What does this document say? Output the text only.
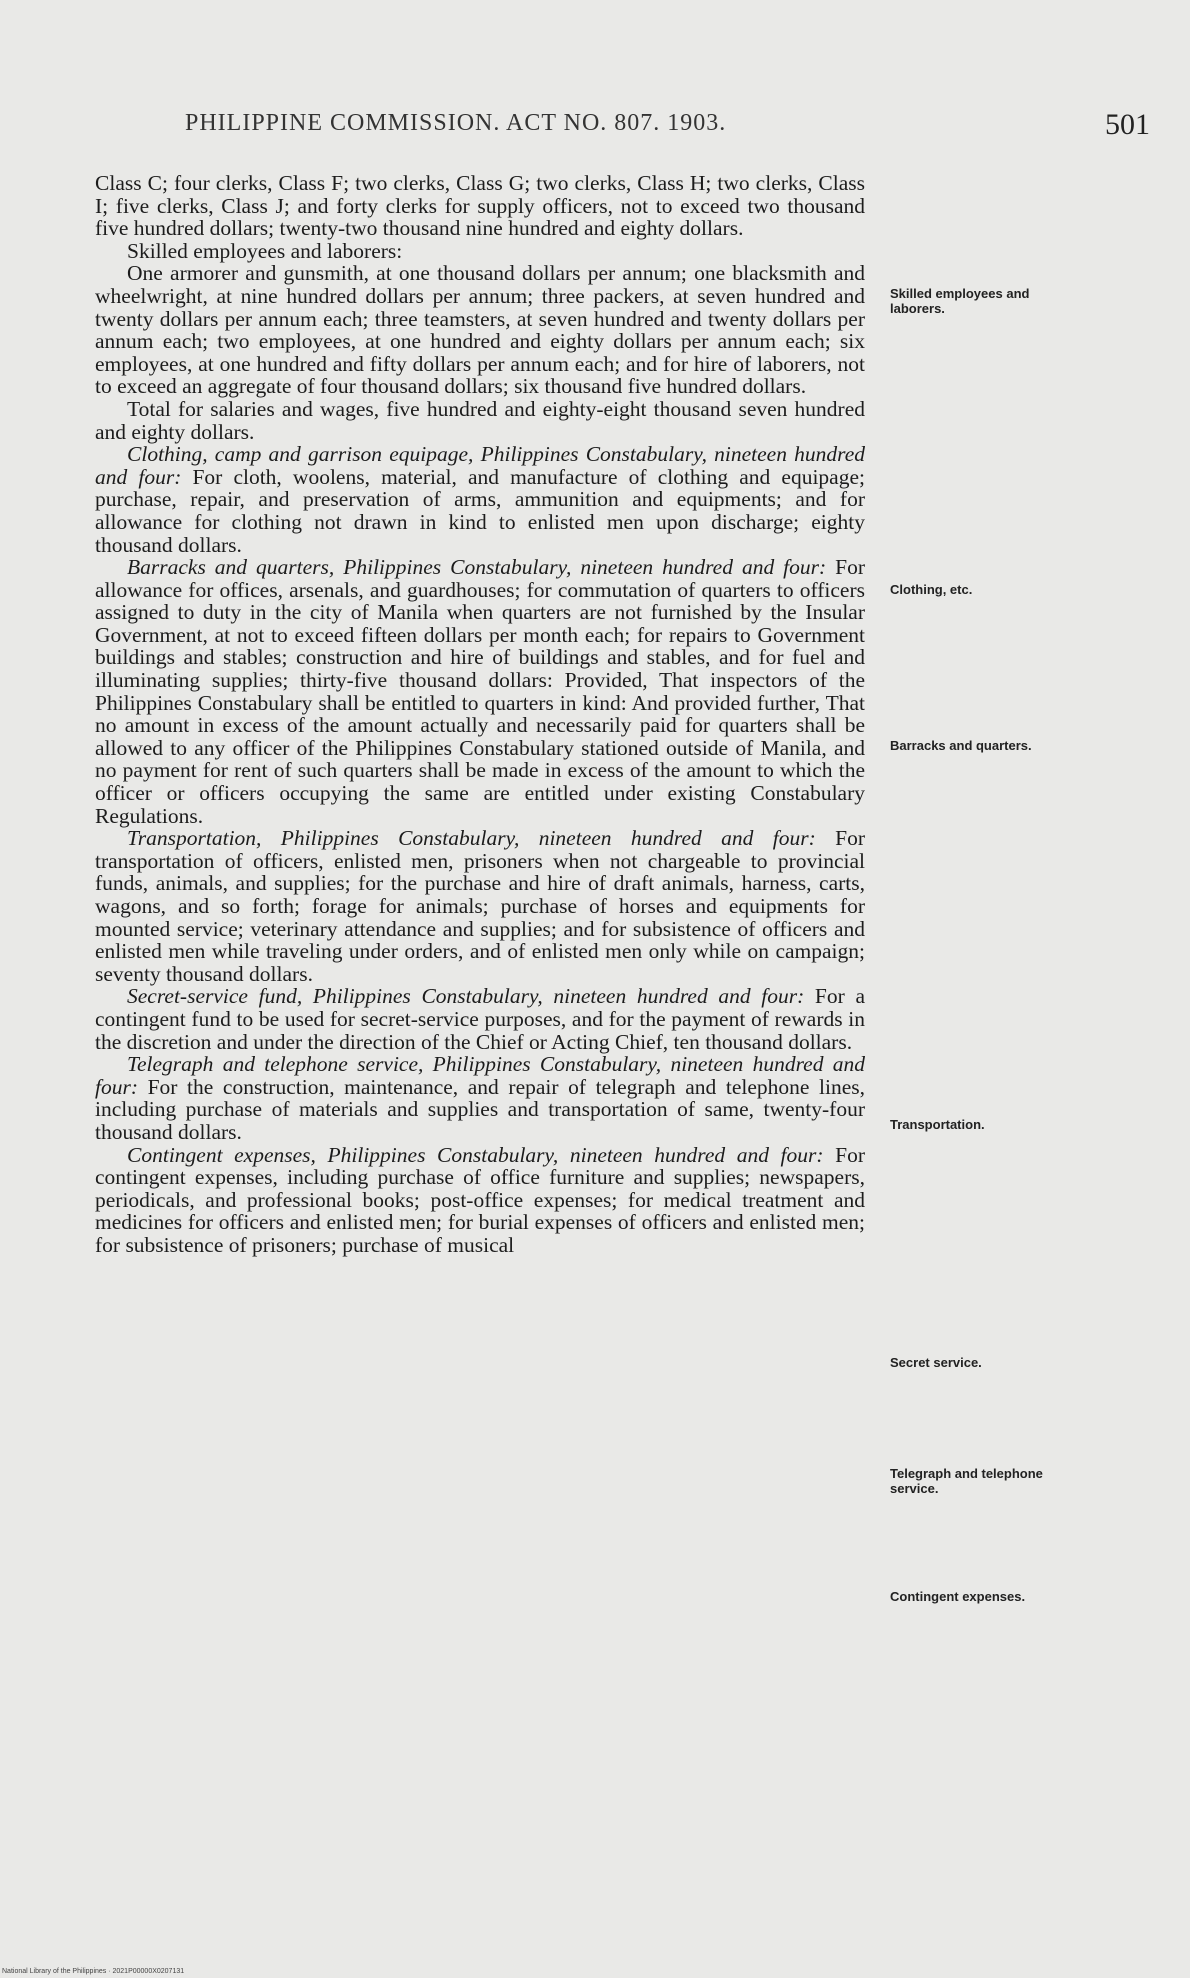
PHILIPPINE COMMISSION. ACT NO. 807. 1903.	501

Class C; four clerks, Class F; two clerks, Class G; two clerks, Class H; two clerks, Class I; five clerks, Class J; and forty clerks for supply officers, not to exceed two thousand five hundred dollars; twenty-two thousand nine hundred and eighty dollars.

Skilled employees and laborers:

One armorer and gunsmith, at one thousand dollars per annum; one blacksmith and wheelwright, at nine hundred dollars per annum; three packers, at seven hundred and twenty dollars per annum each; three teamsters, at seven hundred and twenty dollars per annum each; two employees, at one hundred and eighty dollars per annum each; six employees, at one hundred and fifty dollars per annum each; and for hire of laborers, not to exceed an aggregate of four thousand dollars; six thousand five hundred dollars.

Total for salaries and wages, five hundred and eighty-eight thousand seven hundred and eighty dollars.

Clothing, camp and garrison equipage, Philippines Constabulary, nineteen hundred and four: For cloth, woolens, material, and manufacture of clothing and equipage; purchase, repair, and preservation of arms, ammunition and equipments; and for allowance for clothing not drawn in kind to enlisted men upon discharge; eighty thousand dollars.

Barracks and quarters, Philippines Constabulary, nineteen hundred and four: For allowance for offices, arsenals, and guardhouses; for commutation of quarters to officers assigned to duty in the city of Manila when quarters are not furnished by the Insular Government, at not to exceed fifteen dollars per month each; for repairs to Government buildings and stables; construction and hire of buildings and stables, and for fuel and illuminating supplies; thirty-five thousand dollars: Provided, That inspectors of the Philippines Constabulary shall be entitled to quarters in kind: And provided further, That no amount in excess of the amount actually and necessarily paid for quarters shall be allowed to any officer of the Philippines Constabulary stationed outside of Manila, and no payment for rent of such quarters shall be made in excess of the amount to which the officer or officers occupying the same are entitled under existing Constabulary Regulations.

Transportation, Philippines Constabulary, nineteen hundred and four: For transportation of officers, enlisted men, prisoners when not chargeable to provincial funds, animals, and supplies; for the purchase and hire of draft animals, harness, carts, wagons, and so forth; forage for animals; purchase of horses and equipments for mounted service; veterinary attendance and supplies; and for subsistence of officers and enlisted men while traveling under orders, and of enlisted men only while on campaign; seventy thousand dollars.

Secret-service fund, Philippines Constabulary, nineteen hundred and four: For a contingent fund to be used for secret-service purposes, and for the payment of rewards in the discretion and under the direction of the Chief or Acting Chief, ten thousand dollars.

Telegraph and telephone service, Philippines Constabulary, nineteen hundred and four: For the construction, maintenance, and repair of telegraph and telephone lines, including purchase of materials and supplies and transportation of same, twenty-four thousand dollars.

Contingent expenses, Philippines Constabulary, nineteen hundred and four: For contingent expenses, including purchase of office furniture and supplies; newspapers, periodicals, and professional books; post-office expenses; for medical treatment and medicines for officers and enlisted men; for burial expenses of officers and enlisted men; for subsistence of prisoners; purchase of musical

Skilled employees and laborers.
Clothing, etc.
Barracks and quarters.
Transportation.
Secret service.
Telegraph and telephone service.
Contingent expenses.
National Library of the Philippines · 2021P00000X0207131
